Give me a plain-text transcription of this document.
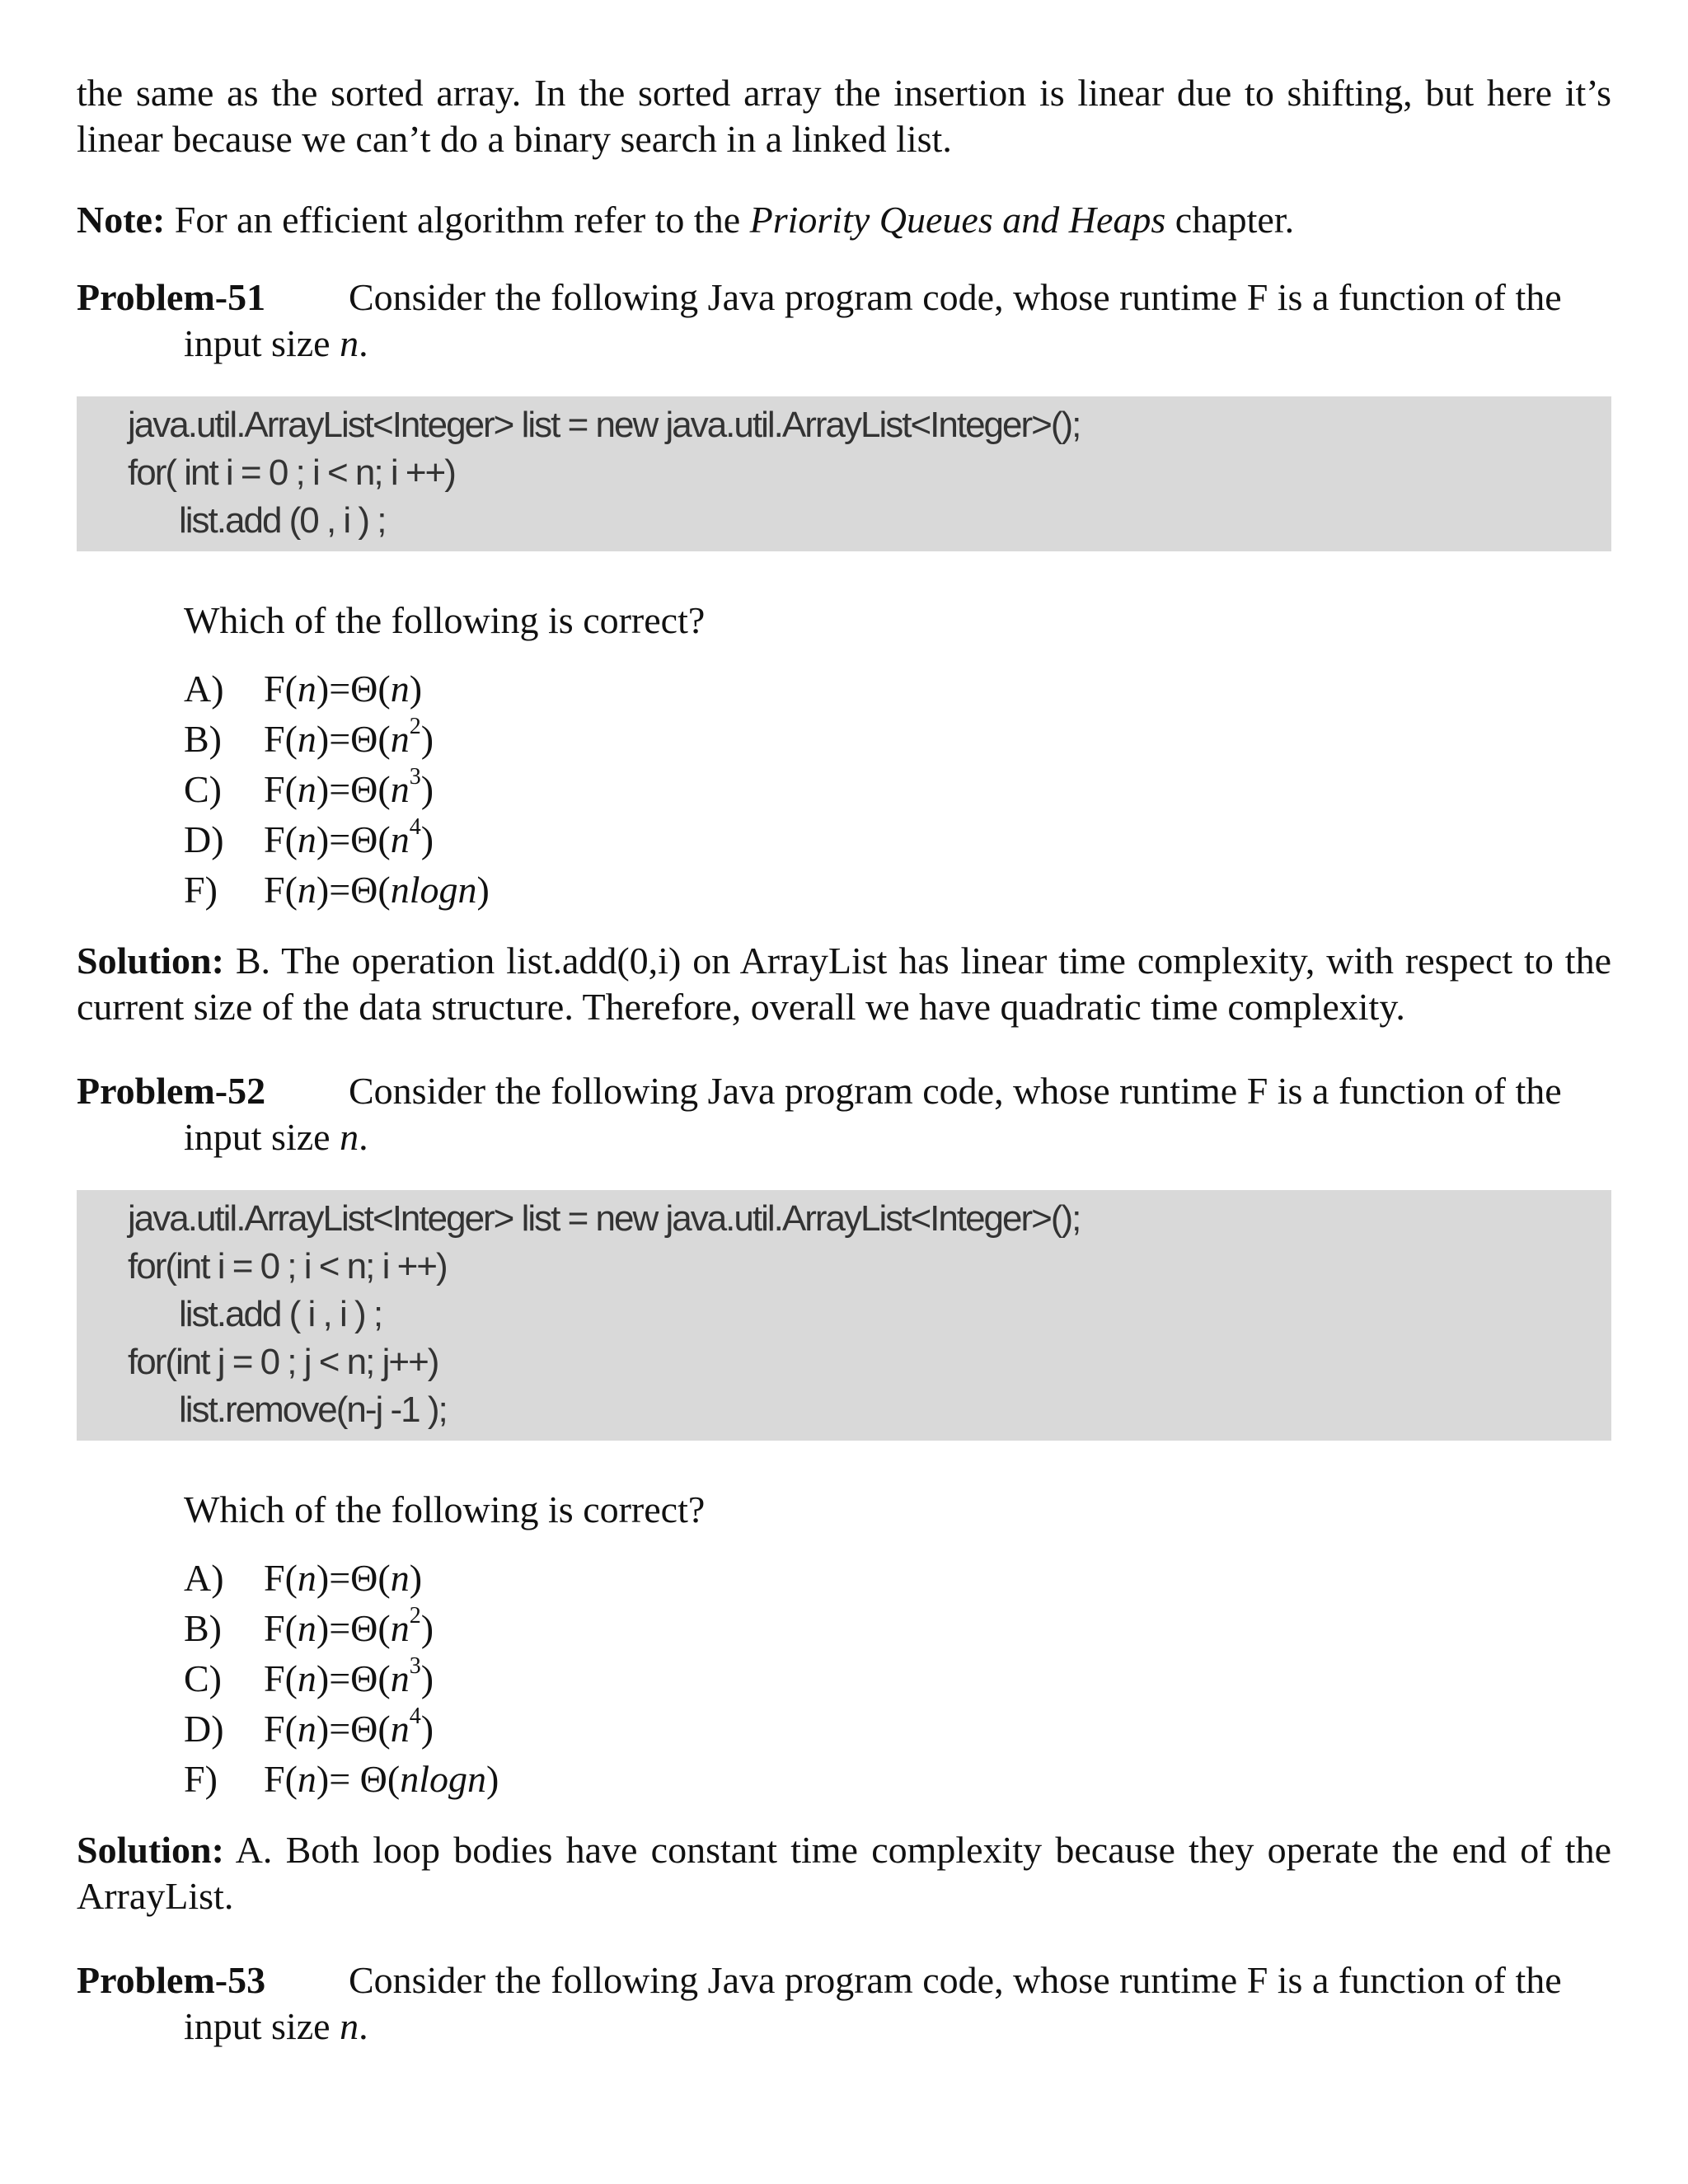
the same as the sorted array. In the sorted array the insertion is linear due to shifting, but here it’s linear because we can’t do a binary search in a linked list.

Note: For an efficient algorithm refer to the Priority Queues and Heaps chapter.

Problem-51	Consider the following Java program code, whose runtime F is a function of the
input size n.
java.util.ArrayList<Integer> list = new java.util.ArrayList<Integer>();
for( int i = 0 ; i < n; i ++)
list.add (0 , i ) ;
Which of the following is correct?
A)	F(n)=Θ(n)
B)	$F(n)=\Theta(n^2)$
C)	$F(n)=\Theta(n^3)$
D)	$F(n)=\Theta(n^4)$
F)	F(n)=Θ(nlogn)

Solution: B. The operation list.add(0,i) on ArrayList has linear time complexity, with respect to the current size of the data structure. Therefore, overall we have quadratic time complexity.

Problem-52	Consider the following Java program code, whose runtime F is a function of the
input size n.
java.util.ArrayList<Integer> list = new java.util.ArrayList<Integer>();
for(int i = 0 ; i < n; i ++)
list.add ( i , i ) ;
for(int j = 0 ; j < n; j++)
list.remove(n-j -1 );
Which of the following is correct?
A)	F(n)=Θ(n)
B)	$F(n)=\Theta(n^2)$
C)	$F(n)=\Theta(n^3)$
D)	$F(n)=\Theta(n^4)$
F)	F(n)= Θ(nlogn)

Solution: A. Both loop bodies have constant time complexity because they operate the end of the ArrayList.

Problem-53	Consider the following Java program code, whose runtime F is a function of the
input size n.
